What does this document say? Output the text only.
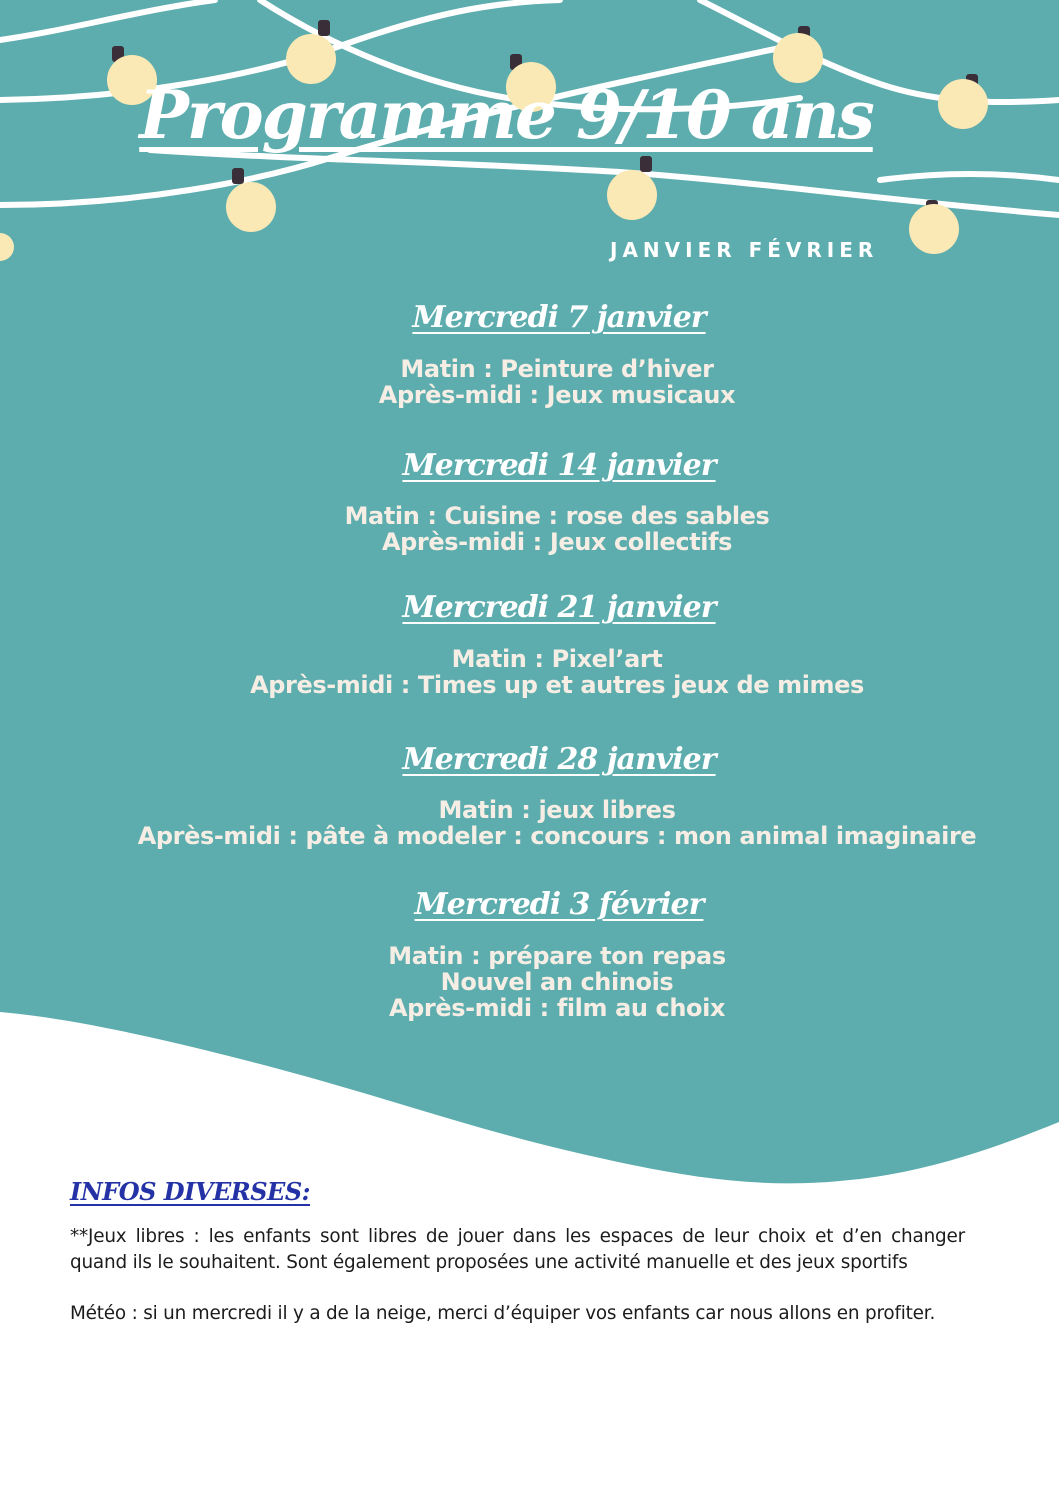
Programme 9/10 ans
JANVIER FÉVRIER
Mercredi 7 janvier
Matin : Peinture d’hiver
Après-midi : Jeux musicaux
Mercredi 14 janvier
Matin : Cuisine : rose des sables
Après-midi : Jeux collectifs
Mercredi 21 janvier
Matin : Pixel’art
Après-midi : Times up et autres jeux de mimes
Mercredi 28 janvier
Matin : jeux libres
Après-midi : pâte à modeler : concours : mon animal imaginaire
Mercredi 3 février
Matin : prépare ton repas
Nouvel an chinois
Après-midi : film au choix
INFOS DIVERSES:

**Jeux libres : les enfants sont libres de jouer dans les espaces de leur choix et d’en changer quand ils le souhaitent. Sont également proposées une activité manuelle et des jeux sportifs

Météo : si un mercredi il y a de la neige, merci d’équiper vos enfants car nous allons en profiter.
